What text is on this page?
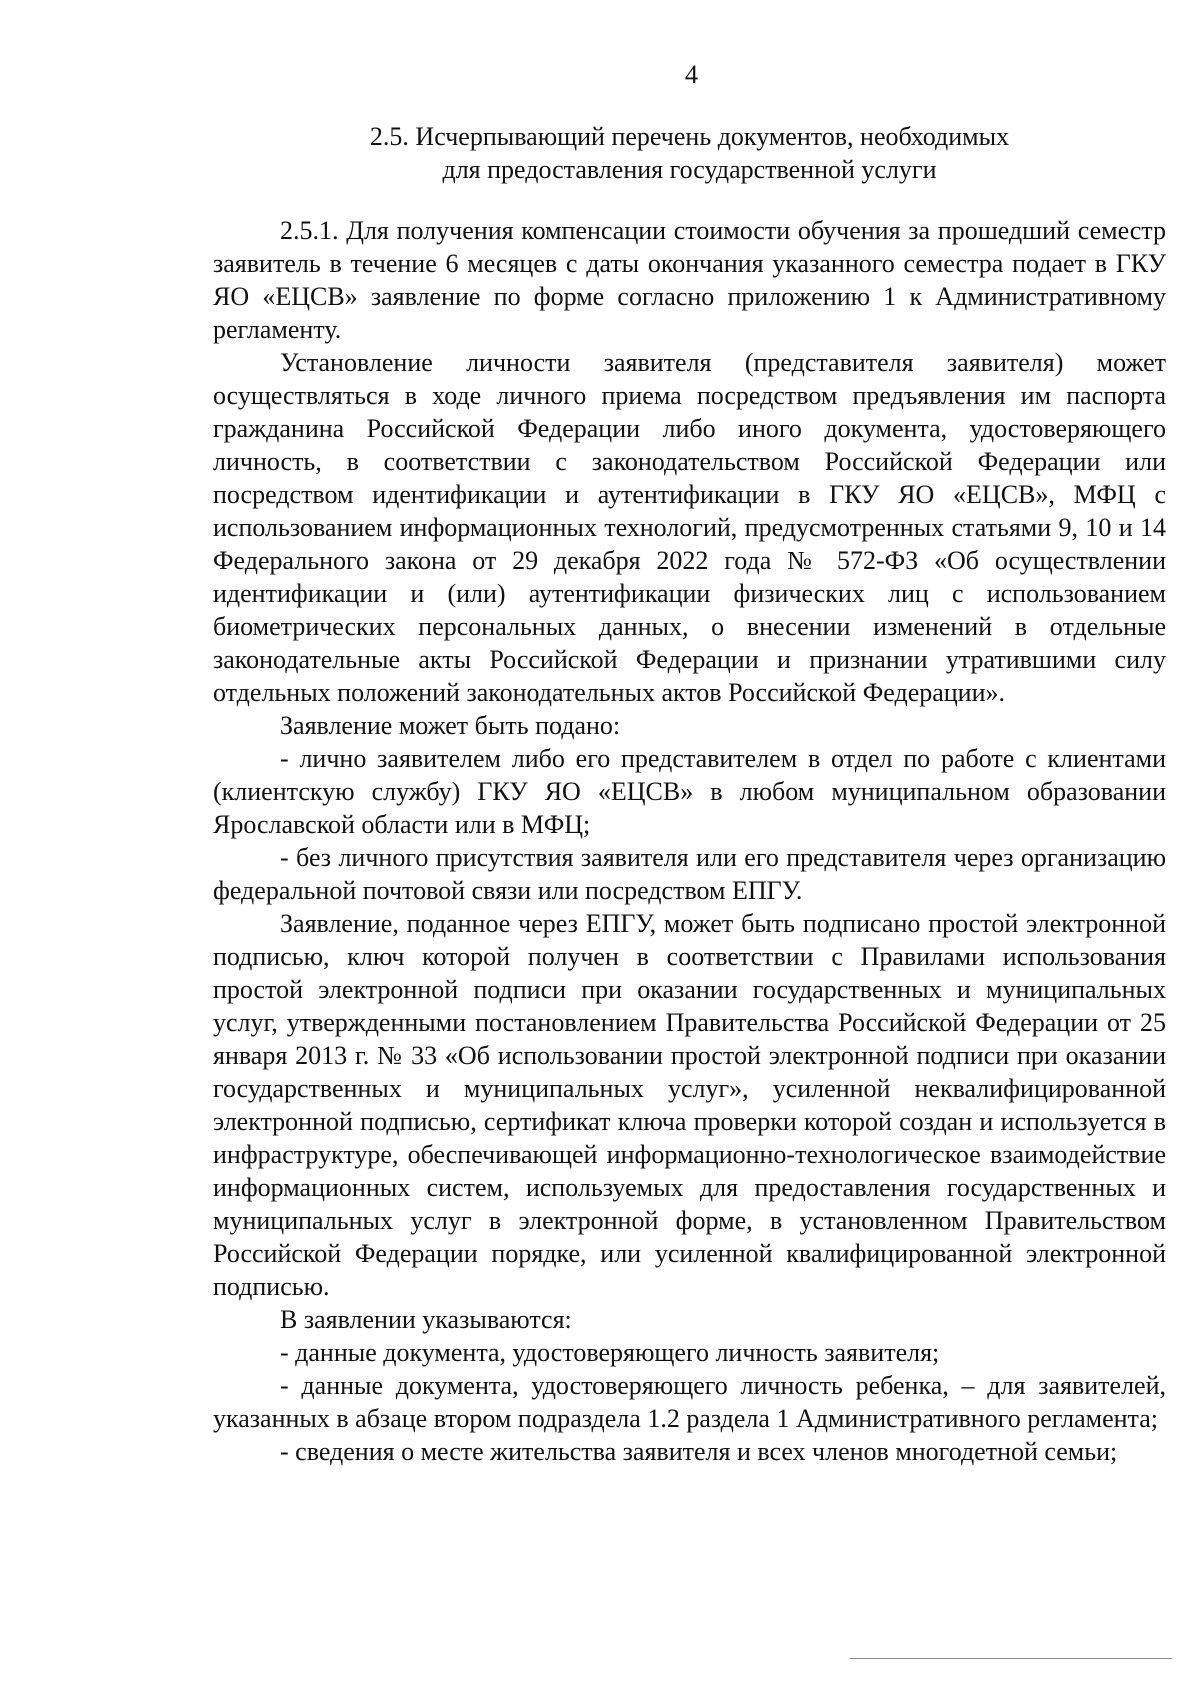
4
2.5. Исчерпывающий перечень документов, необходимых
для предоставления государственной услуги

2.5.1. Для получения компенсации стоимости обучения за прошедший семестр заявитель в течение 6 месяцев с даты окончания указанного семестра подает в ГКУ ЯО «ЕЦСВ» заявление по форме согласно приложению 1 к Административному регламенту.

Установление личности заявителя (представителя заявителя) может осуществляться в ходе личного приема посредством предъявления им паспорта гражданина Российской Федерации либо иного документа, удостоверяющего личность, в соответствии с законодательством Российской Федерации или посредством идентификации и аутентификации в ГКУ ЯО «ЕЦСВ», МФЦ с использованием информационных технологий, предусмотренных статьями 9, 10 и 14 Федерального закона от 29 декабря 2022 года № 572-ФЗ «Об осуществлении идентификации и (или) аутентификации физических лиц с использованием биометрических персональных данных, о внесении изменений в отдельные законодательные акты Российской Федерации и признании утратившими силу отдельных положений законодательных актов Российской Федерации».

Заявление может быть подано:

- лично заявителем либо его представителем в отдел по работе с клиентами (клиентскую службу) ГКУ ЯО «ЕЦСВ» в любом муниципальном образовании Ярославской области или в МФЦ;

- без личного присутствия заявителя или его представителя через организацию федеральной почтовой связи или посредством ЕПГУ.

Заявление, поданное через ЕПГУ, может быть подписано простой электронной подписью, ключ которой получен в соответствии с Правилами использования простой электронной подписи при оказании государственных и муниципальных услуг, утвержденными постановлением Правительства Российской Федерации от 25 января 2013 г. № 33 «Об использовании простой электронной подписи при оказании государственных и муниципальных услуг», усиленной неквалифицированной электронной подписью, сертификат ключа проверки которой создан и используется в инфраструктуре, обеспечивающей информационно-технологическое взаимодействие информационных систем, используемых для предоставления государственных и муниципальных услуг в электронной форме, в установленном Правительством Российской Федерации порядке, или усиленной квалифицированной электронной подписью.

В заявлении указываются:

- данные документа, удостоверяющего личность заявителя;

- данные документа, удостоверяющего личность ребенка, – для заявителей, указанных в абзаце втором подраздела 1.2 раздела 1 Административного регламента;

- сведения о месте жительства заявителя и всех членов многодетной семьи;
